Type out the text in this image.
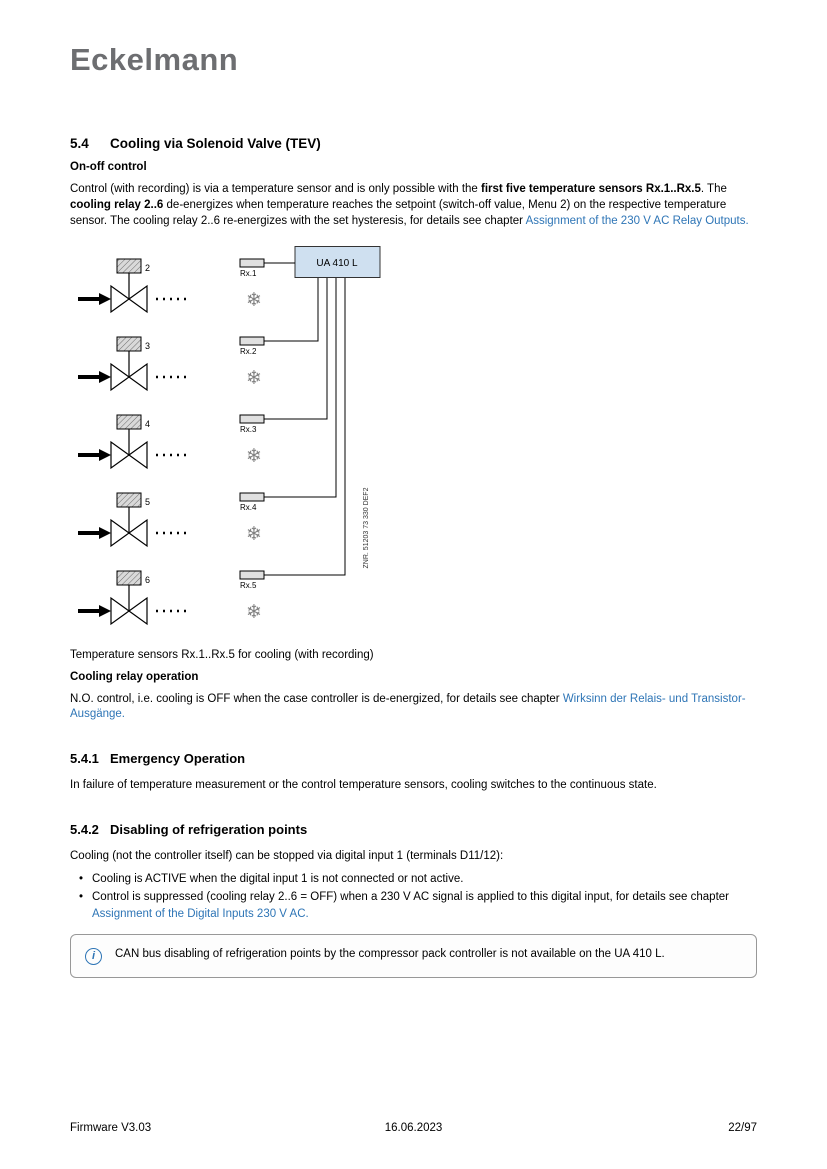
Eckelmann
5.4 Cooling via Solenoid Valve (TEV)
On-off control

Control (with recording) is via a temperature sensor and is only possible with the first five temperature sensors Rx.1..Rx.5. The cooling relay 2..6 de-energizes when temperature reaches the setpoint (switch-off value, Menu 2) on the respective temperature sensor. The cooling relay 2..6 re-energizes with the set hysteresis, for details see chapter Assignment of the 230 V AC Relay Outputs.

UA 410 L
ZNR. 51203 73 330 DEF2
2
❄
Rx.1
3
❄
Rx.2
4
❄
Rx.3
5
❄
Rx.4
6
❄
Rx.5
Temperature sensors Rx.1..Rx.5 for cooling (with recording)
Cooling relay operation

N.O. control, i.e. cooling is OFF when the case controller is de-energized, for details see chapter Wirksinn der Relais- und Transistor-Ausgänge.

5.4.1 Emergency Operation

In failure of temperature measurement or the control temperature sensors, cooling switches to the continuous state.

5.4.2 Disabling of refrigeration points

Cooling (not the controller itself) can be stopped via digital input 1 (terminals D11/12):

• Cooling is ACTIVE when the digital input 1 is not connected or not active.
• Control is suppressed (cooling relay 2..6 = OFF) when a 230 V AC signal is applied to this digital input, for details see chapter Assignment of the Digital Inputs 230 V AC.
i	CAN bus disabling of refrigeration points by the compressor pack controller is not available on the UA 410 L.
Firmware V3.03	16.06.2023	22/97
